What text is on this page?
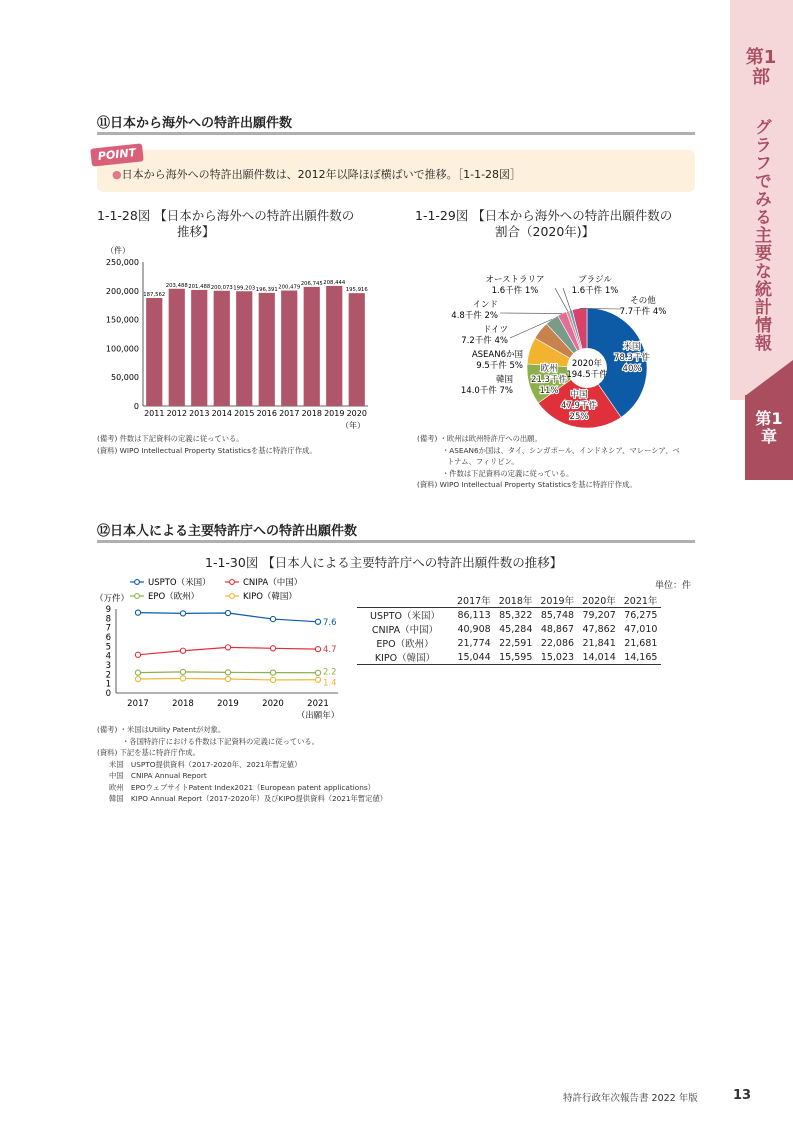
第1部
グラフでみる主要な統計情報
第1章
⑪日本から海外への特許出願件数
POINT
●日本から海外への特許出願件数は、2012年以降ほぼ横ばいで推移。［1-1-28図］
1-1-28図 【日本から海外への特許出願件数の
推移】
（件）
0
50,000
100,000
150,000
200,000
250,000
187,562
2011
203,488
2012
201,488
2013
200,073
2014
199,203
2015
196,391
2016
200,479
2017
206,745
2018
208,444
2019
195,916
2020
（年）
(備考) 件数は下記資料の定義に従っている。
(資料) WIPO Intellectual Property Statisticsを基に特許庁作成。
1-1-29図 【日本から海外への特許出願件数の
割合（2020年)】
米国
78.3千件
40%
中国
47.9千件
25%
欧州
21.3千件
11%
韓国
14.0千件 7%
ASEAN6か国
9.5千件 5%
ドイツ
7.2千件 4%
インド
4.8千件 2%
オーストラリア
1.6千件 1%
ブラジル
1.6千件 1%
その他
7.7千件 4%
2020年
194.5千件
(備考) ・欧州は欧州特許庁への出願。
・ASEAN6か国は、タイ、シンガポール、インドネシア、マレーシア、ベ
トナム、フィリピン。
・件数は下記資料の定義に従っている。
(資料) WIPO Intellectual Property Statisticsを基に特許庁作成。
⑫日本人による主要特許庁への特許出願件数
1-1-30図 【日本人による主要特許庁への特許出願件数の推移】
単位：件
USPTO（米国）	CNIPA（中国）
EPO（欧州）	KIPO（韓国）
（万件）
0
1
2
3
4
5
6
7
8
9
2017	2018	2019	2020	2021
7.6
4.7
2.2
1.4
（出願年）
	2017年	2018年	2019年	2020年	2021年
USPTO（米国）	86,113	85,322	85,748	79,207	76,275
CNIPA（中国）	40,908	45,284	48,867	47,862	47,010
EPO（欧州）	21,774	22,591	22,086	21,841	21,681
KIPO（韓国）	15,044	15,595	15,023	14,014	14,165
(備考) ・米国はUtility Patentが対象。
・各国特許庁における件数は下記資料の定義に従っている。
(資料) 下記を基に特許庁作成。
米国　USPTO提供資料（2017-2020年、2021年暫定値）
中国　CNIPA Annual Report
欧州　EPOウェブサイトPatent Index2021（European patent applications）
韓国　KIPO Annual Report（2017-2020年）及びKIPO提供資料（2021年暫定値）
特許行政年次報告書 2022 年版	13
